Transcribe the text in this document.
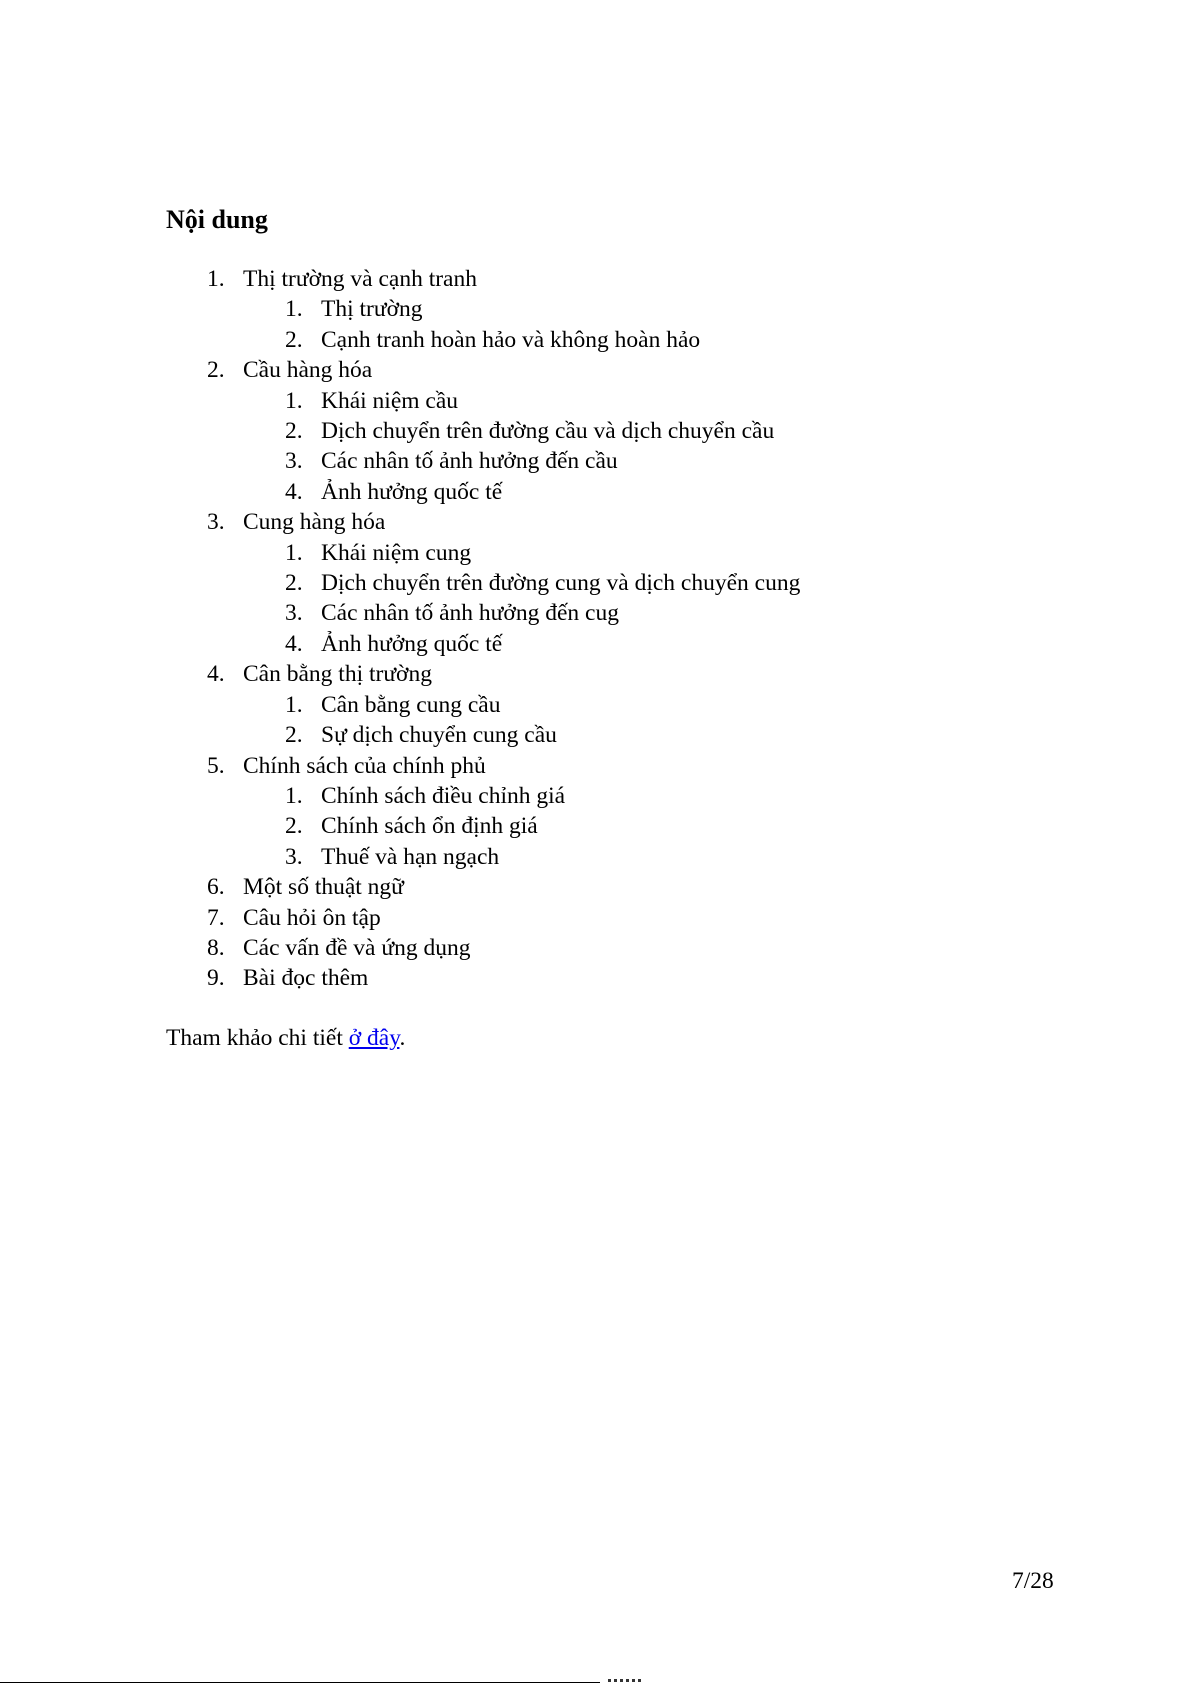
Nội dung
1. Thị trường và cạnh tranh
1. Thị trường
2. Cạnh tranh hoàn hảo và không hoàn hảo
2. Cầu hàng hóa
1. Khái niệm cầu
2. Dịch chuyển trên đường cầu và dịch chuyển cầu
3. Các nhân tố ảnh hưởng đến cầu
4. Ảnh hưởng quốc tế
3. Cung hàng hóa
1. Khái niệm cung
2. Dịch chuyển trên đường cung và dịch chuyển cung
3. Các nhân tố ảnh hưởng đến cug
4. Ảnh hưởng quốc tế
4. Cân bằng thị trường
1. Cân bằng cung cầu
2. Sự dịch chuyển cung cầu
5. Chính sách của chính phủ
1. Chính sách điều chỉnh giá
2. Chính sách ổn định giá
3. Thuế và hạn ngạch
6. Một số thuật ngữ
7. Câu hỏi ôn tập
8. Các vấn đề và ứng dụng
9. Bài đọc thêm
Tham khảo chi tiết ở đây.
7/28
